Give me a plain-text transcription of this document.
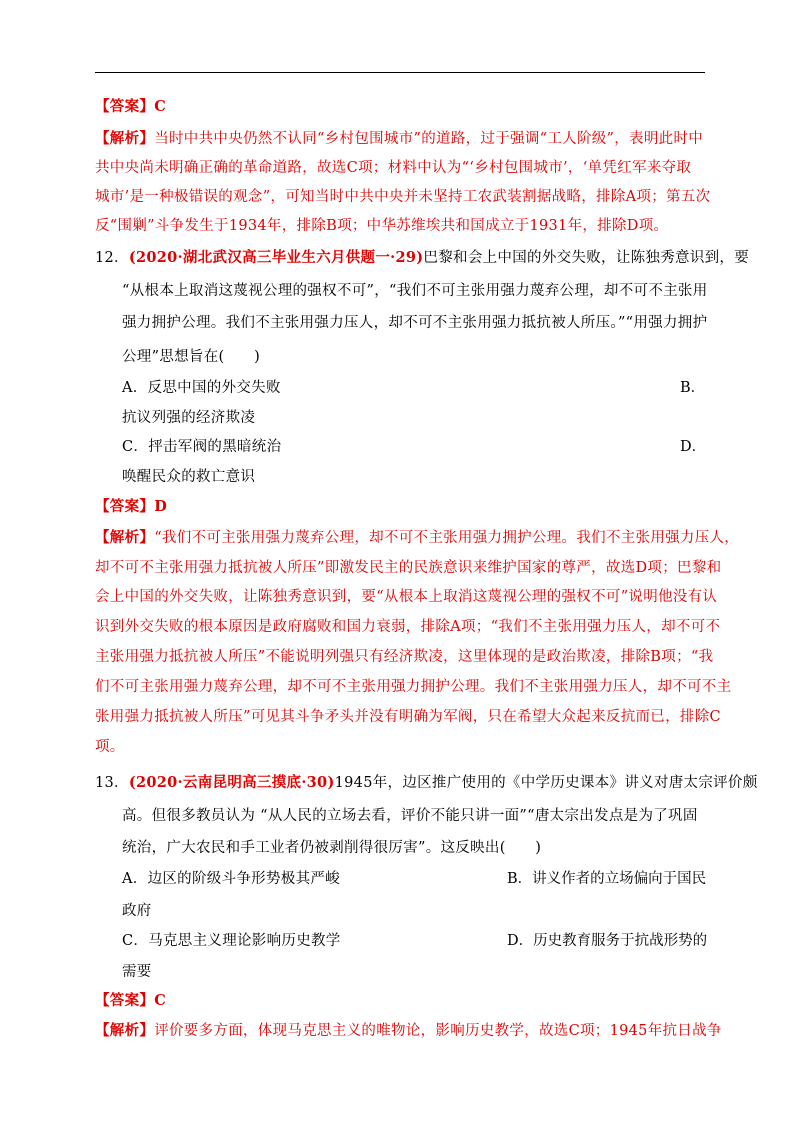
【答案】C
【解析】当时中共中央仍然不认同“乡村包围城市”的道路，过于强调“工人阶级”，表明此时中
共中央尚未明确正确的革命道路，故选C项；材料中认为“‘乡村包围城市’，‘单凭红军来夺取
城市’是一种极错误的观念”，可知当时中共中央并未坚持工农武装割据战略，排除A项；第五次
反“围剿”斗争发生于1934年，排除B项；中华苏维埃共和国成立于1931年，排除D项。
12．(2020·湖北武汉高三毕业生六月供题一·29)巴黎和会上中国的外交失败，让陈独秀意识到，要
“从根本上取消这蔑视公理的强权不可”，“我们不可主张用强力蔑弃公理，却不可不主张用
强力拥护公理。我们不主张用强力压人，却不可不主张用强力抵抗被人所压。”“用强力拥护
公理”思想旨在(　　)
A．反思中国的外交失败	B．
抗议列强的经济欺凌
C．抨击军阀的黑暗统治	D．
唤醒民众的救亡意识
【答案】D
【解析】“我们不可主张用强力蔑弃公理，却不可不主张用强力拥护公理。我们不主张用强力压人，
却不可不主张用强力抵抗被人所压”即激发民主的民族意识来维护国家的尊严，故选D项；巴黎和
会上中国的外交失败，让陈独秀意识到，要“从根本上取消这蔑视公理的强权不可”说明他没有认
识到外交失败的根本原因是政府腐败和国力衰弱，排除A项；“我们不主张用强力压人，却不可不
主张用强力抵抗被人所压”不能说明列强只有经济欺凌，这里体现的是政治欺凌，排除B项；“我
们不可主张用强力蔑弃公理，却不可不主张用强力拥护公理。我们不主张用强力压人，却不可不主
张用强力抵抗被人所压”可见其斗争矛头并没有明确为军阀，只在希望大众起来反抗而已，排除C
项。
13．(2020·云南昆明高三摸底·30)1945年，边区推广使用的《中学历史课本》讲义对唐太宗评价颇
高。但很多教员认为 “从人民的立场去看，评价不能只讲一面”“唐太宗出发点是为了巩固
统治，广大农民和手工业者仍被剥削得很厉害”。这反映出(　　)
A．边区的阶级斗争形势极其严峻	B．讲义作者的立场偏向于国民
政府
C．马克思主义理论影响历史教学	D．历史教育服务于抗战形势的
需要
【答案】C
【解析】评价要多方面，体现马克思主义的唯物论，影响历史教学，故选C项；1945年抗日战争
